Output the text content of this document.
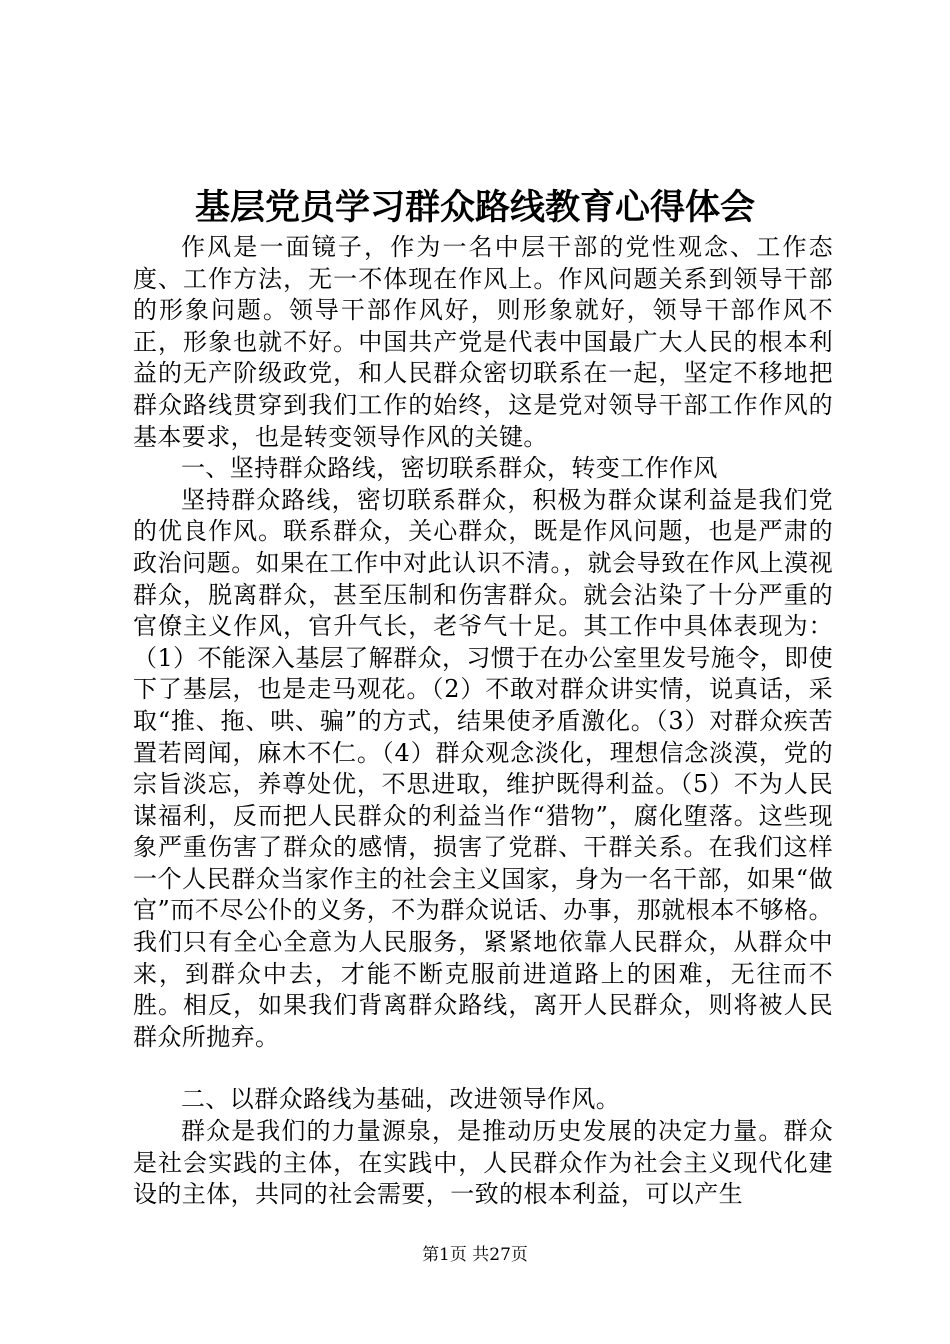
基层党员学习群众路线教育心得体会

作风是一面镜子，作为一名中层干部的党性观念、工作态度、工作方法，无一不体现在作风上。作风问题关系到领导干部的形象问题。领导干部作风好，则形象就好，领导干部作风不正，形象也就不好。中国共产党是代表中国最广大人民的根本利益的无产阶级政党，和人民群众密切联系在一起，坚定不移地把群众路线贯穿到我们工作的始终，这是党对领导干部工作作风的基本要求，也是转变领导作风的关键。

一、坚持群众路线，密切联系群众，转变工作作风

坚持群众路线，密切联系群众，积极为群众谋利益是我们党的优良作风。联系群众，关心群众，既是作风问题，也是严肃的政治问题。如果在工作中对此认识不清。，就会导致在作风上漠视群众，脱离群众，甚至压制和伤害群众。就会沾染了十分严重的官僚主义作风，官升气长，老爷气十足。其工作中具体表现为：（1）不能深入基层了解群众，习惯于在办公室里发号施令，即使下了基层，也是走马观花。（2）不敢对群众讲实情，说真话，采取“推、拖、哄、骗”的方式，结果使矛盾激化。（3）对群众疾苦置若罔闻，麻木不仁。（4）群众观念淡化，理想信念淡漠，党的宗旨淡忘，养尊处优，不思进取，维护既得利益。（5）不为人民谋福利，反而把人民群众的利益当作“猎物”，腐化堕落。这些现象严重伤害了群众的感情，损害了党群、干群关系。在我们这样一个人民群众当家作主的社会主义国家，身为一名干部，如果“做官”而不尽公仆的义务，不为群众说话、办事，那就根本不够格。我们只有全心全意为人民服务，紧紧地依靠人民群众，从群众中来，到群众中去，才能不断克服前进道路上的困难，无往而不胜。相反，如果我们背离群众路线，离开人民群众，则将被人民群众所抛弃。

二、以群众路线为基础，改进领导作风。

群众是我们的力量源泉，是推动历史发展的决定力量。群众是社会实践的主体，在实践中，人民群众作为社会主义现代化建设的主体，共同的社会需要，一致的根本利益，可以产生

第1页 共27页
